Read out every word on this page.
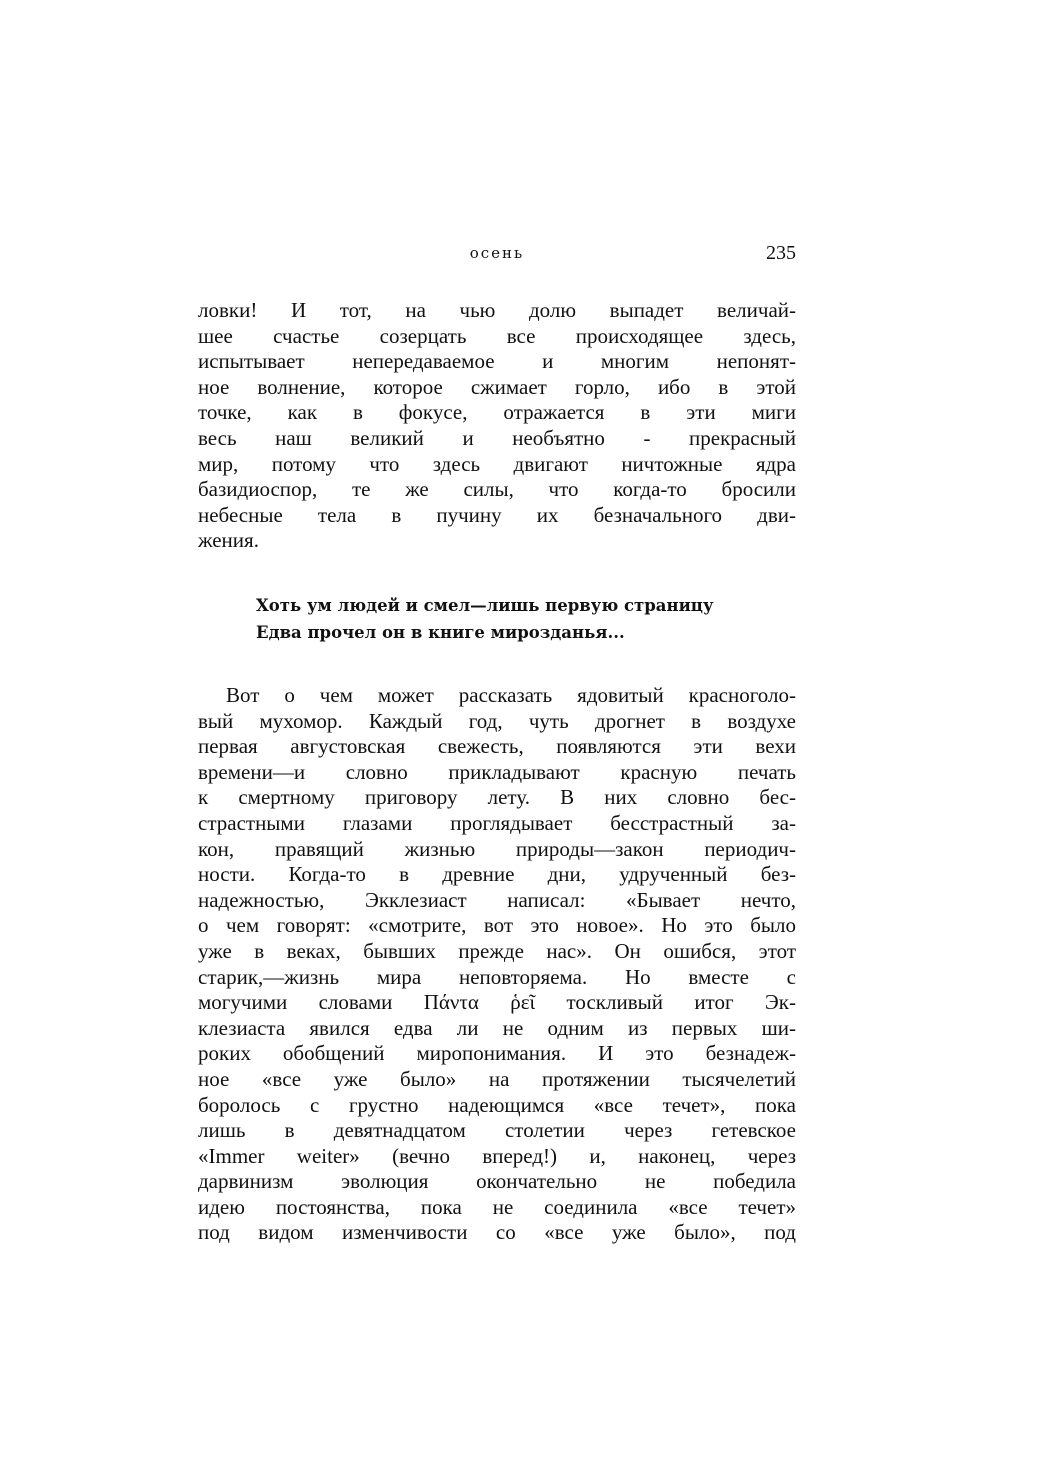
осень	235
ловки! И тот, на чью долю выпадет величай-
шее счастье созерцать все происходящее здесь,
испытывает непередаваемое и многим непонят-
ное волнение, которое сжимает горло, ибо в этой
точке, как в фокусе, отражается в эти миги
весь наш великий и необъятно - прекрасный
мир, потому что здесь двигают ничтожные ядра
базидиоспор, те же силы, что когда-то бросили
небесные тела в пучину их безначального дви-
жения.
Хоть ум людей и смел—лишь первую страницу
Едва прочел он в книге мирозданья...
Вот о чем может рассказать ядовитый красноголо-
вый мухомор. Каждый год, чуть дрогнет в воздухе
первая августовская свежесть, появляются эти вехи
времени—и словно прикладывают красную печать
к смертному приговору лету. В них словно бес-
страстными глазами проглядывает бесстрастный за-
кон, правящий жизнью природы—закон периодич-
ности. Когда-то в древние дни, удрученный без-
надежностью, Экклезиаст написал: «Бывает нечто,
о чем говорят: «смотрите, вот это новое». Но это было
уже в веках, бывших прежде нас». Он ошибся, этот
старик,—жизнь мира неповторяема. Но вместе с
могучими словами Πάντα ῥεῖ тоскливый итог Эк-
клезиаста явился едва ли не одним из первых ши-
роких обобщений миропонимания. И это безнадеж-
ное «все уже было» на протяжении тысячелетий
боролось с грустно надеющимся «все течет», пока
лишь в девятнадцатом столетии через гетевское
«Immer weiter» (вечно вперед!) и, наконец, через
дарвинизм эволюция окончательно не победила
идею постоянства, пока не соединила «все течет»
под видом изменчивости со «все уже было», под
